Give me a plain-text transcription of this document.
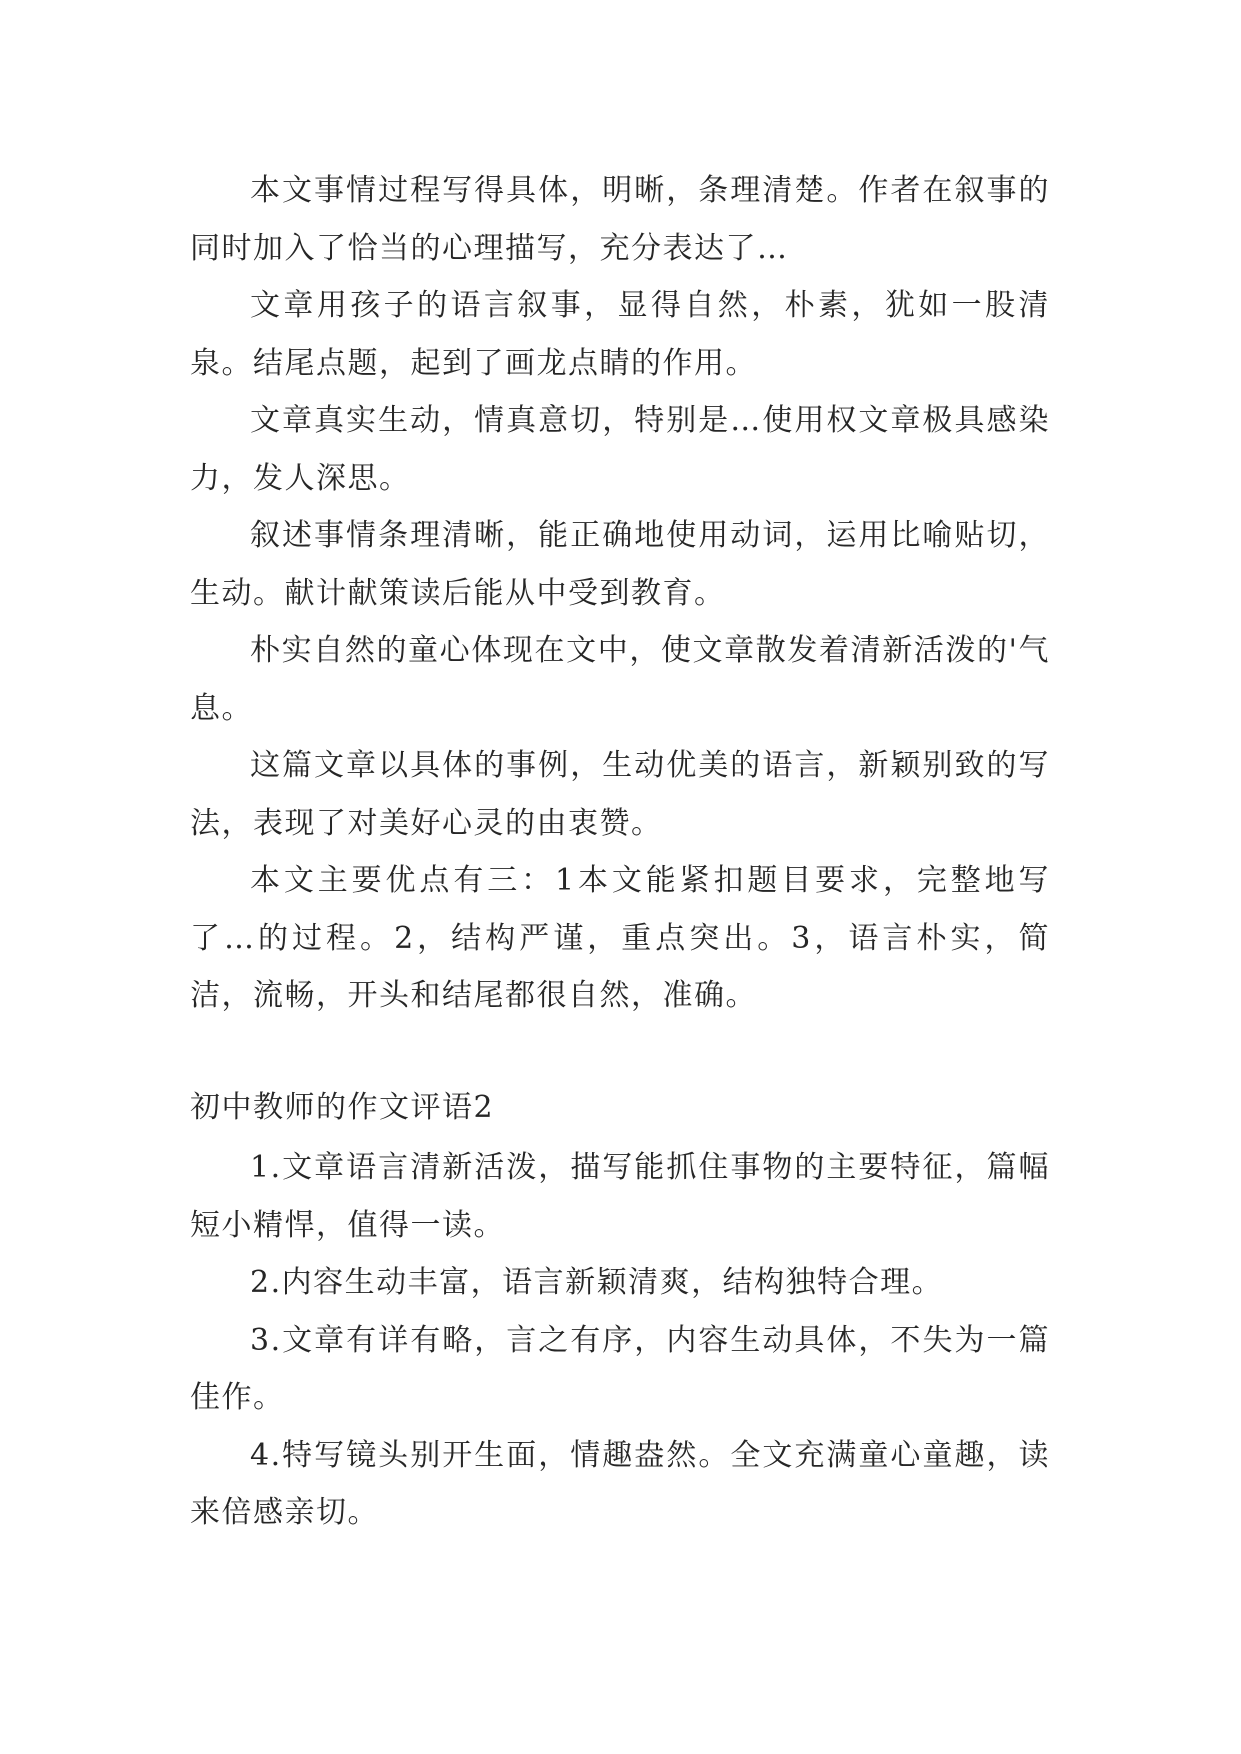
本文事情过程写得具体，明晰，条理清楚。作者在叙事的同时加入了恰当的心理描写，充分表达了…

文章用孩子的语言叙事，显得自然，朴素，犹如一股清泉。结尾点题，起到了画龙点睛的作用。

文章真实生动，情真意切，特别是…使用权文章极具感染力，发人深思。

叙述事情条理清晰，能正确地使用动词，运用比喻贴切，生动。献计献策读后能从中受到教育。

朴实自然的童心体现在文中，使文章散发着清新活泼的'气息。

这篇文章以具体的事例，生动优美的语言，新颖别致的写法，表现了对美好心灵的由衷赞。

本文主要优点有三：1本文能紧扣题目要求，完整地写了…的过程。2，结构严谨，重点突出。3，语言朴实，简洁，流畅，开头和结尾都很自然，准确。

初中教师的作文评语2

1.文章语言清新活泼，描写能抓住事物的主要特征，篇幅短小精悍，值得一读。

2.内容生动丰富，语言新颖清爽，结构独特合理。

3.文章有详有略，言之有序，内容生动具体，不失为一篇佳作。

4.特写镜头别开生面，情趣盎然。全文充满童心童趣，读来倍感亲切。
